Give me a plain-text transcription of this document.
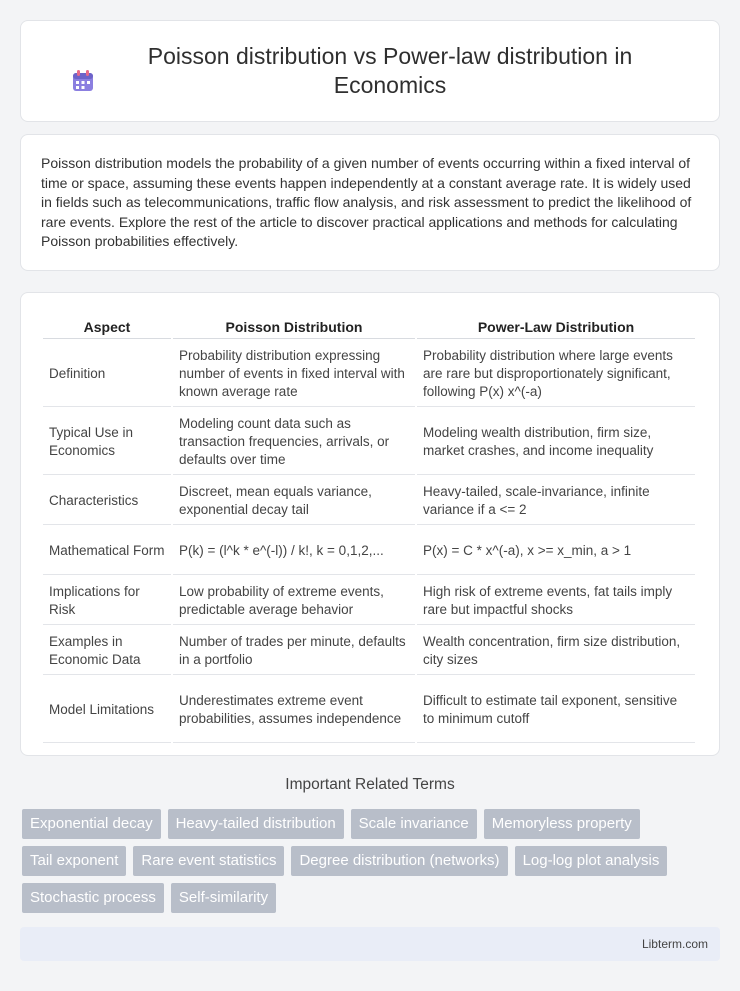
Poisson distribution vs Power-law distribution in Economics

Poisson distribution models the probability of a given number of events occurring within a fixed interval of time or space, assuming these events happen independently at a constant average rate. It is widely used in fields such as telecommunications, traffic flow analysis, and risk assessment to predict the likelihood of rare events. Explore the rest of the article to discover practical applications and methods for calculating Poisson probabilities effectively.

Aspect	Poisson Distribution	Power-Law Distribution
Definition	Probability distribution expressing number of events in fixed interval with known average rate	Probability distribution where large events are rare but disproportionately significant, following P(x) x^(-a)
Typical Use in Economics	Modeling count data such as transaction frequencies, arrivals, or defaults over time	Modeling wealth distribution, firm size, market crashes, and income inequality
Characteristics	Discreet, mean equals variance, exponential decay tail	Heavy-tailed, scale-invariance, infinite variance if a <= 2
Mathematical Form	P(k) = (l^k * e^(-l)) / k!, k = 0,1,2,...	P(x) = C * x^(-a), x >= x_min, a > 1
Implications for Risk	Low probability of extreme events, predictable average behavior	High risk of extreme events, fat tails imply rare but impactful shocks
Examples in Economic Data	Number of trades per minute, defaults in a portfolio	Wealth concentration, firm size distribution, city sizes
Model Limitations	Underestimates extreme event probabilities, assumes independence	Difficult to estimate tail exponent, sensitive to minimum cutoff
Important Related Terms
Exponential decay	Heavy-tailed distribution	Scale invariance	Memoryless property
Tail exponent	Rare event statistics	Degree distribution (networks)	Log-log plot analysis
Stochastic process	Self-similarity
Libterm.com
